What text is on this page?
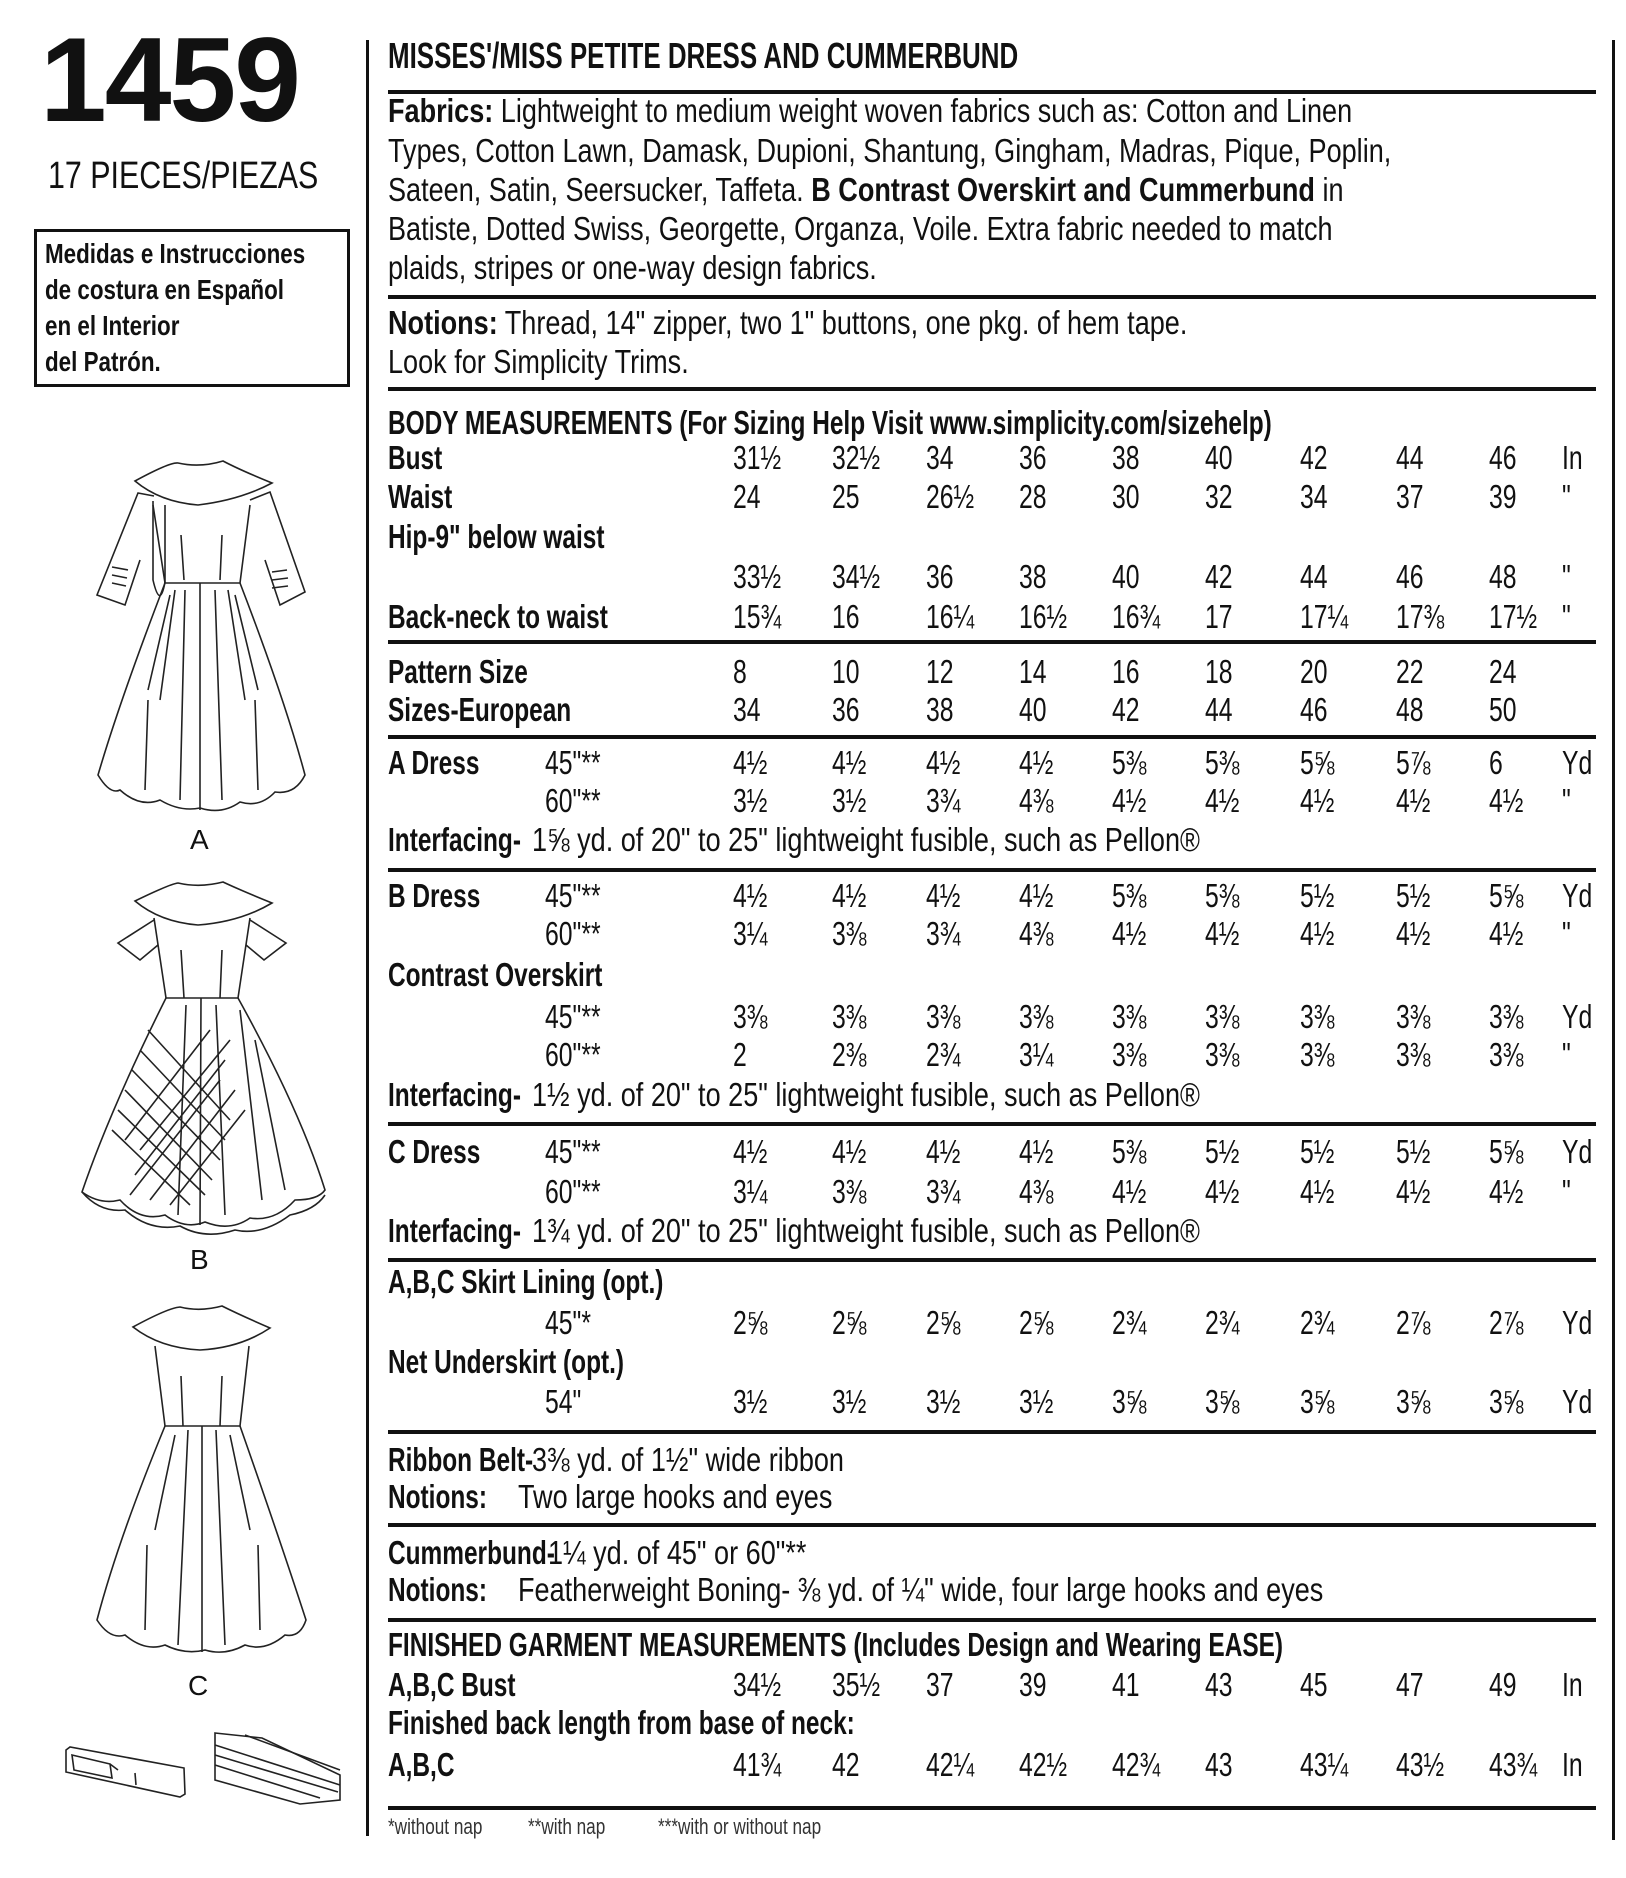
1459
17 PIECES/PIEZAS
Medidas e Instrucciones
de costura en Español
en el Interior
del Patrón.
A
B
C
MISSES'/MISS PETITE DRESS AND CUMMERBUND
Fabrics: Lightweight to medium weight woven fabrics such as: Cotton and Linen
Types, Cotton Lawn, Damask, Dupioni, Shantung, Gingham, Madras, Pique, Poplin,
Sateen, Satin, Seersucker, Taffeta. B Contrast Overskirt and Cummerbund in
Batiste, Dotted Swiss, Georgette, Organza, Voile. Extra fabric needed to match
plaids, stripes or one-way design fabrics.
Notions: Thread, 14" zipper, two 1" buttons, one pkg. of hem tape.
Look for Simplicity Trims.
BODY MEASUREMENTS (For Sizing Help Visit www.simplicity.com/sizehelp)
Bust	31½ 32½ 34 36 38 40 42 44 46 In
Waist	24 25 26½ 28 30 32 34 37 39 "
Hip-9" below waist
33½ 34½ 36 38 40 42 44 46 48 "
Back-neck to waist	15¾ 16 16¼ 16½ 16¾ 17 17¼ 17⅜ 17½ "
Pattern Size	8	10 12 14 16 18 20 22 24
Sizes-European	34 36 38 40 42 44 46 48 50
A Dress 45"**	4½ 4½ 4½ 4½ 5⅜ 5⅜ 5⅝ 5⅞ 6 Yd
60"**	3½ 3½ 3¾ 4⅜ 4½ 4½ 4½ 4½ 4½ "
Interfacing- 1⅝ yd. of 20" to 25" lightweight fusible, such as Pellon®
B Dress 45"**	4½ 4½ 4½ 4½ 5⅜ 5⅜ 5½ 5½ 5⅝ Yd
60"**	3¼ 3⅜ 3¾ 4⅜ 4½ 4½ 4½ 4½ 4½ "
Contrast Overskirt
45"**	3⅜ 3⅜ 3⅜ 3⅜ 3⅜ 3⅜ 3⅜ 3⅜ 3⅜ Yd
60"**	2	2⅜ 2¾ 3¼ 3⅜ 3⅜ 3⅜ 3⅜ 3⅜ "
Interfacing- 1½ yd. of 20" to 25" lightweight fusible, such as Pellon®
C Dress 45"**	4½ 4½ 4½ 4½ 5⅜ 5½ 5½ 5½ 5⅝ Yd
60"**	3¼ 3⅜ 3¾ 4⅜ 4½ 4½ 4½ 4½ 4½ "
Interfacing- 1¾ yd. of 20" to 25" lightweight fusible, such as Pellon®
A,B,C Skirt Lining (opt.)
45"*	2⅝ 2⅝ 2⅝ 2⅝ 2¾ 2¾ 2¾ 2⅞ 2⅞ Yd
Net Underskirt (opt.)
54"	3½ 3½ 3½ 3½ 3⅝ 3⅝ 3⅝ 3⅝ 3⅝ Yd
Ribbon Belt-
3⅜ yd. of 1½" wide ribbon
Notions: Two large hooks and eyes
Cummerbund-
1¼ yd. of 45" or 60"**
Notions: Featherweight Boning- ⅜ yd. of ¼" wide, four large hooks and eyes
FINISHED GARMENT MEASUREMENTS (Includes Design and Wearing EASE)
A,B,C Bust	34½ 35½ 37 39 41 43 45 47 49 In
Finished back length from base of neck:
A,B,C	41¾ 42 42¼ 42½ 42¾ 43 43¼ 43½ 43¾ In
*without nap **with nap ***with or without nap
